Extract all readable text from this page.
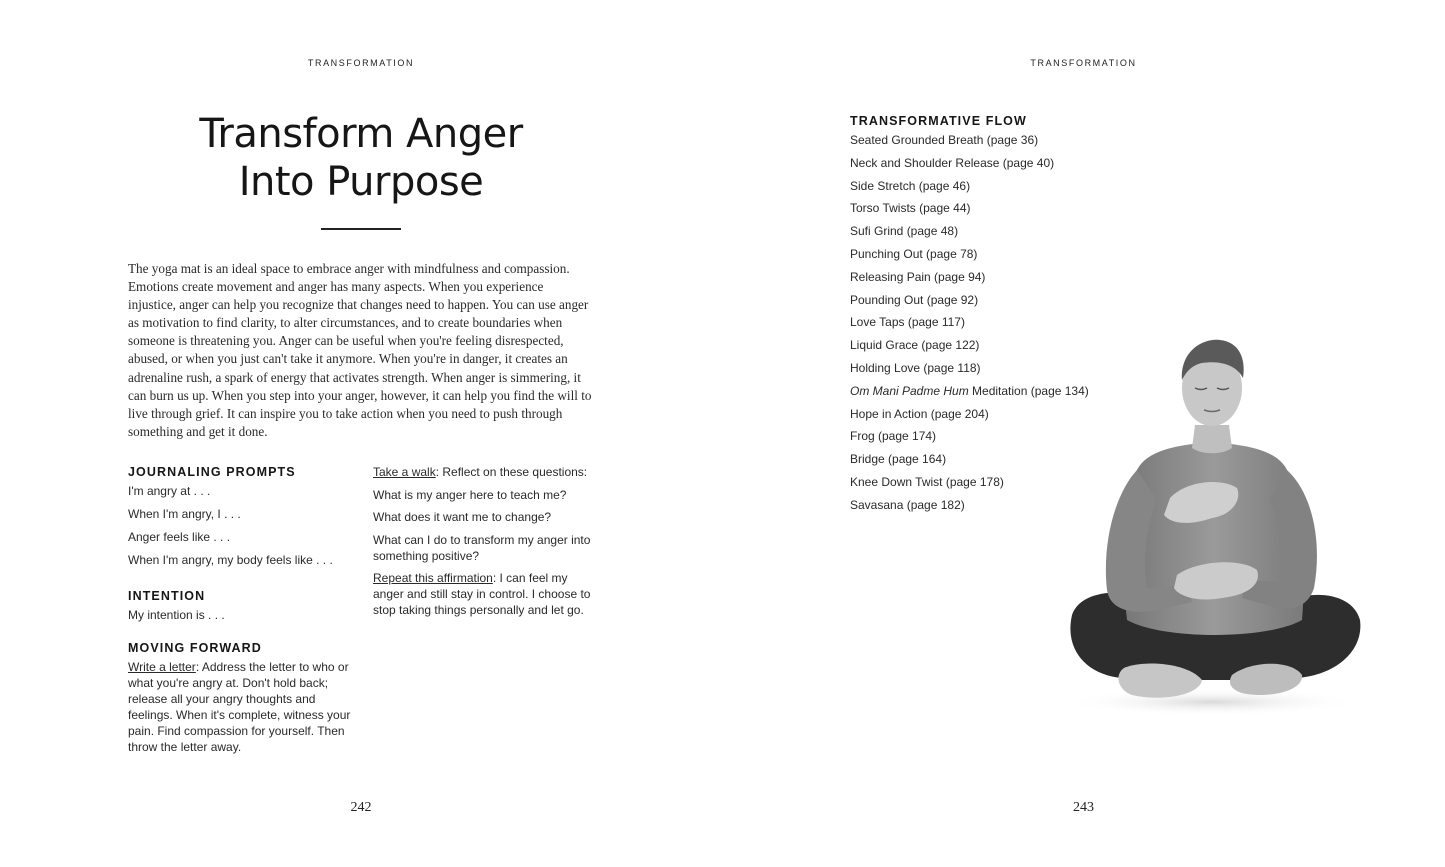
TRANSFORMATION
Transform Anger
Into Purpose

The yoga mat is an ideal space to embrace anger with mindfulness and compassion. Emotions create movement and anger has many aspects. When you experience injustice, anger can help you recognize that changes need to happen. You can use anger as motivation to find clarity, to alter circumstances, and to create boundaries when someone is threatening you. Anger can be useful when you're feeling disrespected, abused, or when you just can't take it anymore. When you're in danger, it creates an adrenaline rush, a spark of energy that activates strength. When anger is simmering, it can burn us up. When you step into your anger, however, it can help you find the will to live through grief. It can inspire you to take action when you need to push through something and get it done.

JOURNALING PROMPTS
I'm angry at . . .
When I'm angry, I . . .
Anger feels like . . .
When I'm angry, my body feels like . . .
INTENTION
My intention is . . .
MOVING FORWARD
Write a letter: Address the letter to who or what you're angry at. Don't hold back; release all your angry thoughts and feelings. When it's complete, witness your pain. Find compassion for yourself. Then throw the letter away.
Take a walk: Reflect on these questions:
What is my anger here to teach me?
What does it want me to change?
What can I do to transform my anger into something positive?
Repeat this affirmation: I can feel my anger and still stay in control. I choose to stop taking things personally and let go.
242
TRANSFORMATION
TRANSFORMATIVE FLOW
Seated Grounded Breath (page 36)
Neck and Shoulder Release (page 40)
Side Stretch (page 46)
Torso Twists (page 44)
Sufi Grind (page 48)
Punching Out (page 78)
Releasing Pain (page 94)
Pounding Out (page 92)
Love Taps (page 117)
Liquid Grace (page 122)
Holding Love (page 118)
Om Mani Padme Hum Meditation (page 134)
Hope in Action (page 204)
Frog (page 174)
Bridge (page 164)
Knee Down Twist (page 178)
Savasana (page 182)
243
